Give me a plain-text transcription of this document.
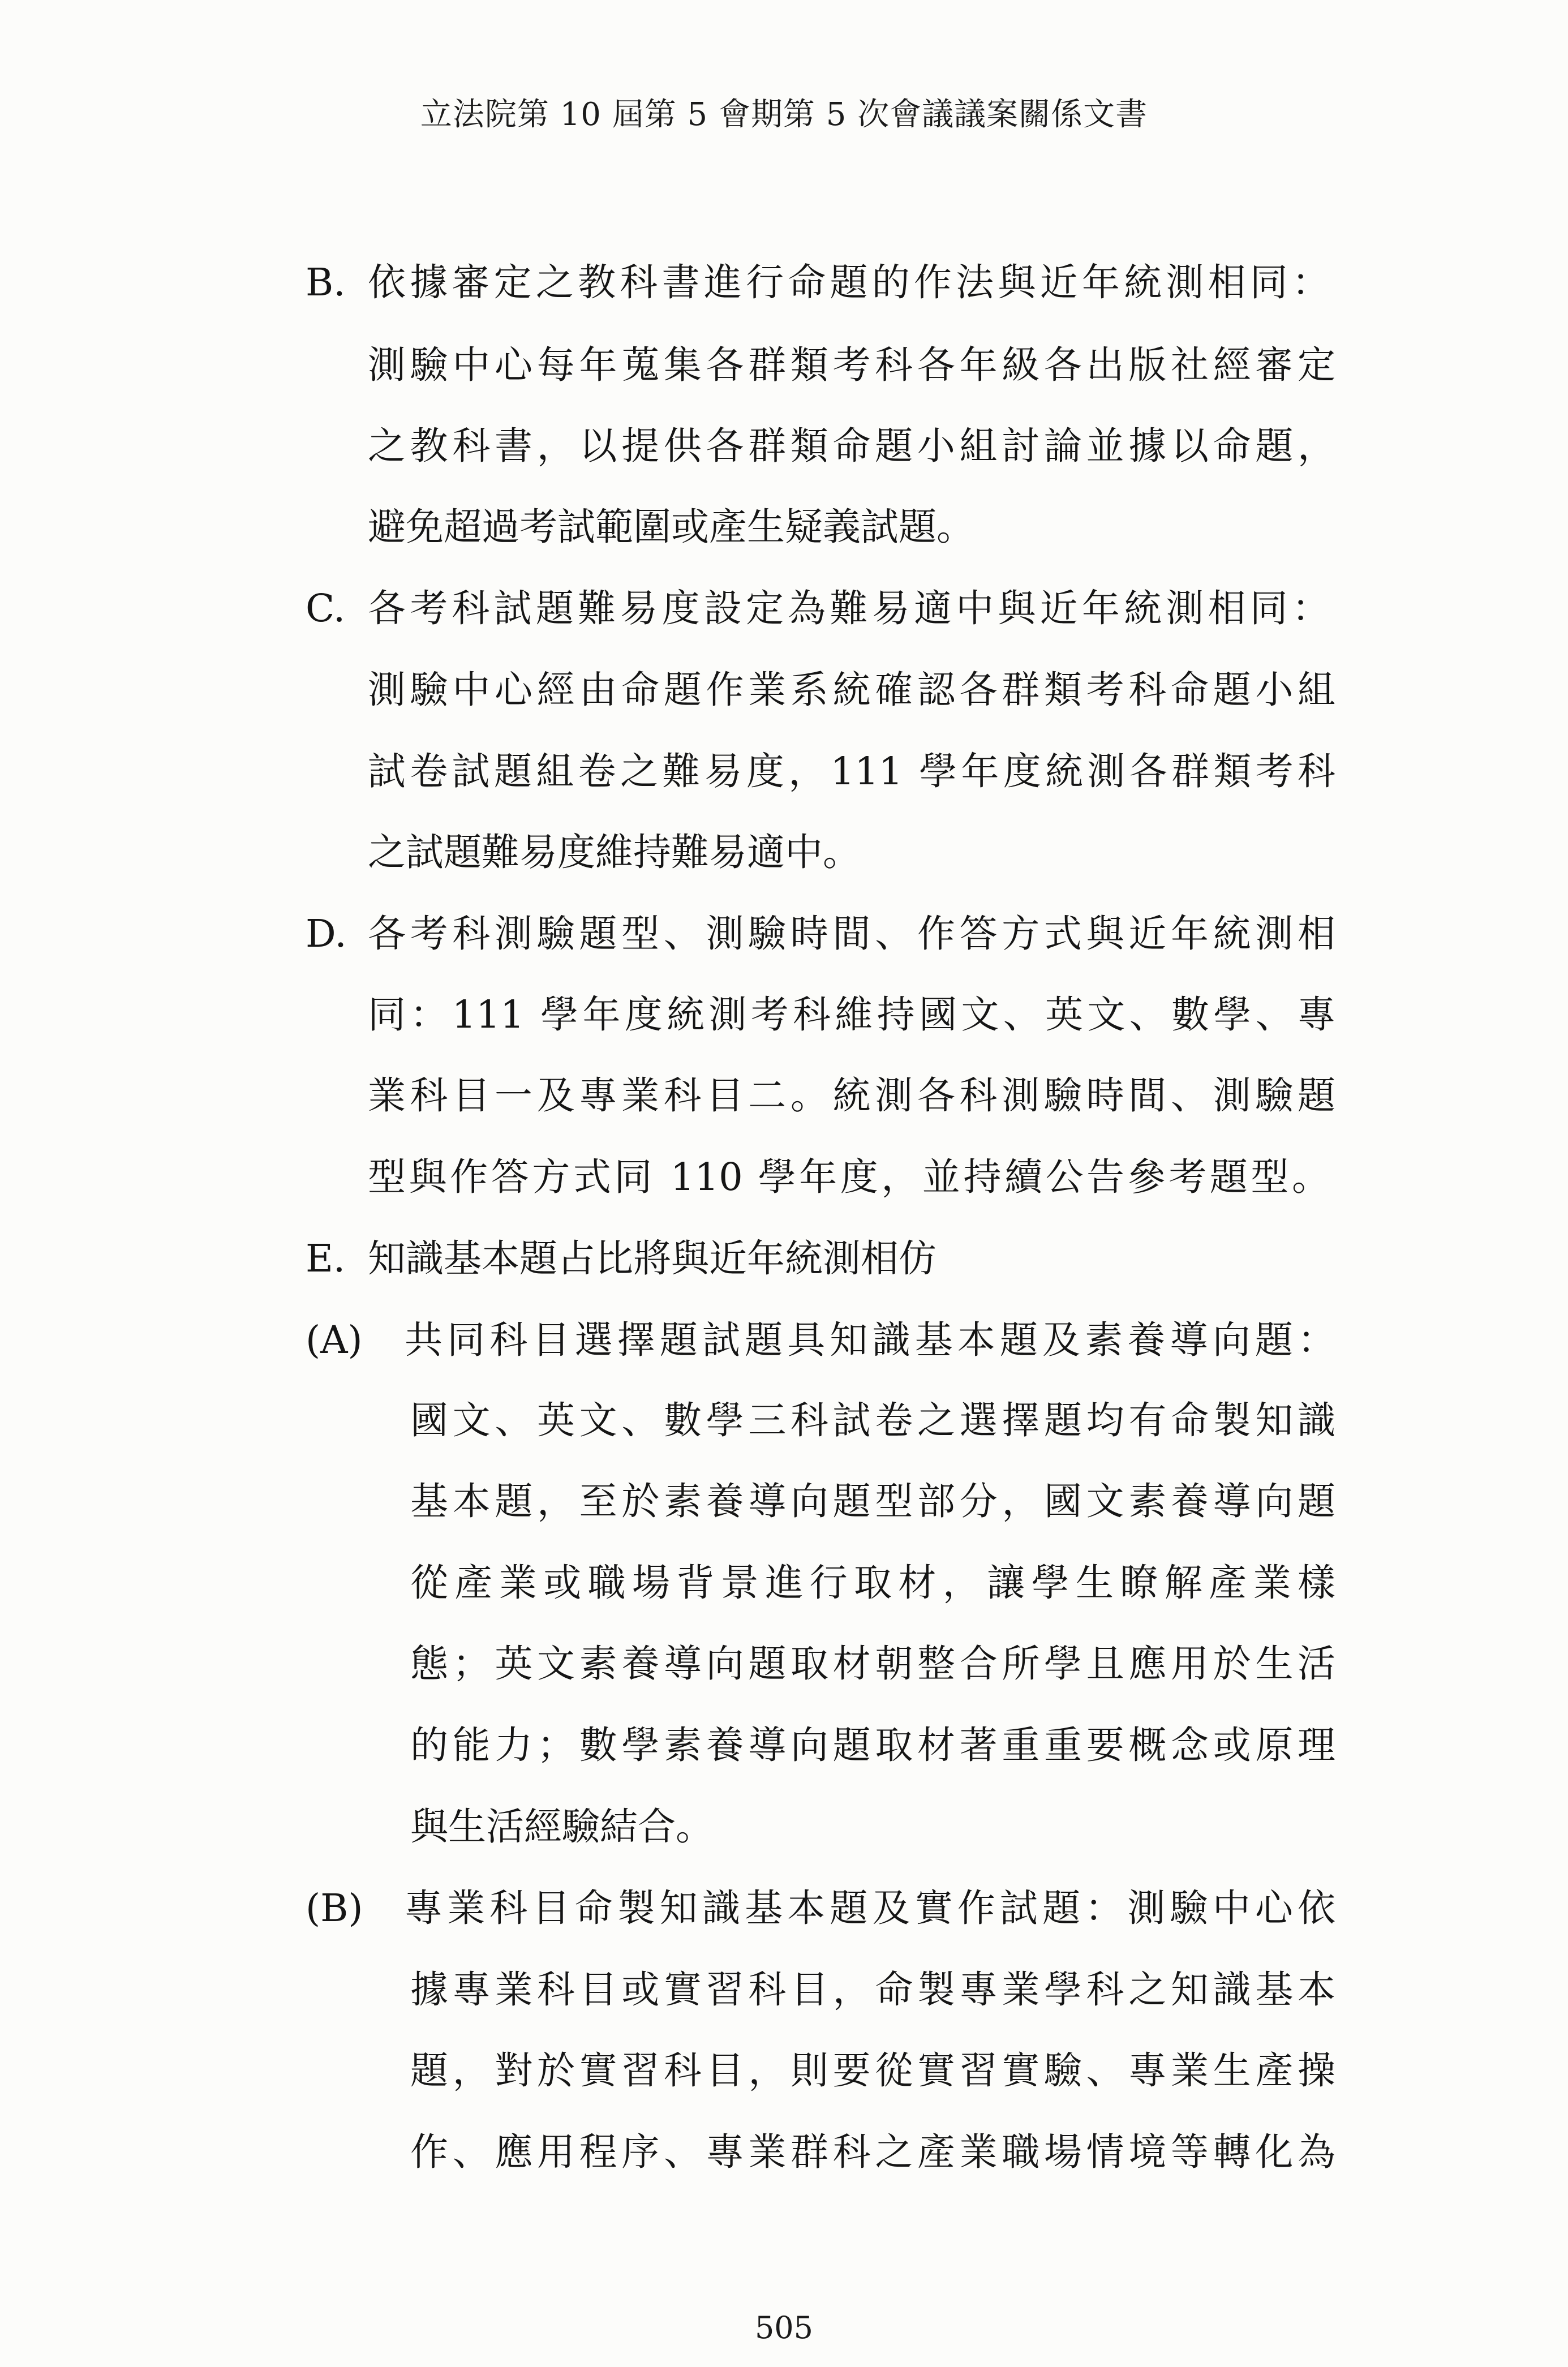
立法院第 10 屆第 5 會期第 5 次會議議案關係文書
B. 依據審定之教科書進行命題的作法與近年統測相同：
測驗中心每年蒐集各群類考科各年級各出版社經審定
之教科書，以提供各群類命題小組討論並據以命題，
避免超過考試範圍或產生疑義試題。
C. 各考科試題難易度設定為難易適中與近年統測相同：
測驗中心經由命題作業系統確認各群類考科命題小組
試卷試題組卷之難易度，111 學年度統測各群類考科
之試題難易度維持難易適中。
D. 各考科測驗題型、測驗時間、作答方式與近年統測相
同：111 學年度統測考科維持國文、英文、數學、專
業科目一及專業科目二。統測各科測驗時間、測驗題
型與作答方式同 110 學年度，並持續公告參考題型。
E. 知識基本題占比將與近年統測相仿
(A) 共同科目選擇題試題具知識基本題及素養導向題：
國文、英文、數學三科試卷之選擇題均有命製知識
基本題，至於素養導向題型部分，國文素養導向題
從產業或職場背景進行取材，讓學生瞭解產業樣
態；英文素養導向題取材朝整合所學且應用於生活
的能力；數學素養導向題取材著重重要概念或原理
與生活經驗結合。
(B) 專業科目命製知識基本題及實作試題：測驗中心依
據專業科目或實習科目，命製專業學科之知識基本
題，對於實習科目，則要從實習實驗、專業生產操
作、應用程序、專業群科之產業職場情境等轉化為
505
